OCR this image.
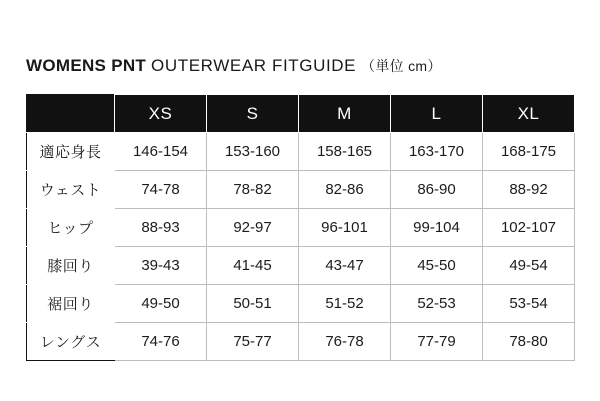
WOMENS PNT OUTERWEAR FITGUIDE （単位 cm）
	XS	S	M	L	XL
適応身長	146-154	153-160	158-165	163-170	168-175
ウェスト	74-78	78-82	82-86	86-90	88-92
ヒップ	88-93	92-97	96-101	99-104	102-107
膝回り	39-43	41-45	43-47	45-50	49-54
裾回り	49-50	50-51	51-52	52-53	53-54
レングス	74-76	75-77	76-78	77-79	78-80
